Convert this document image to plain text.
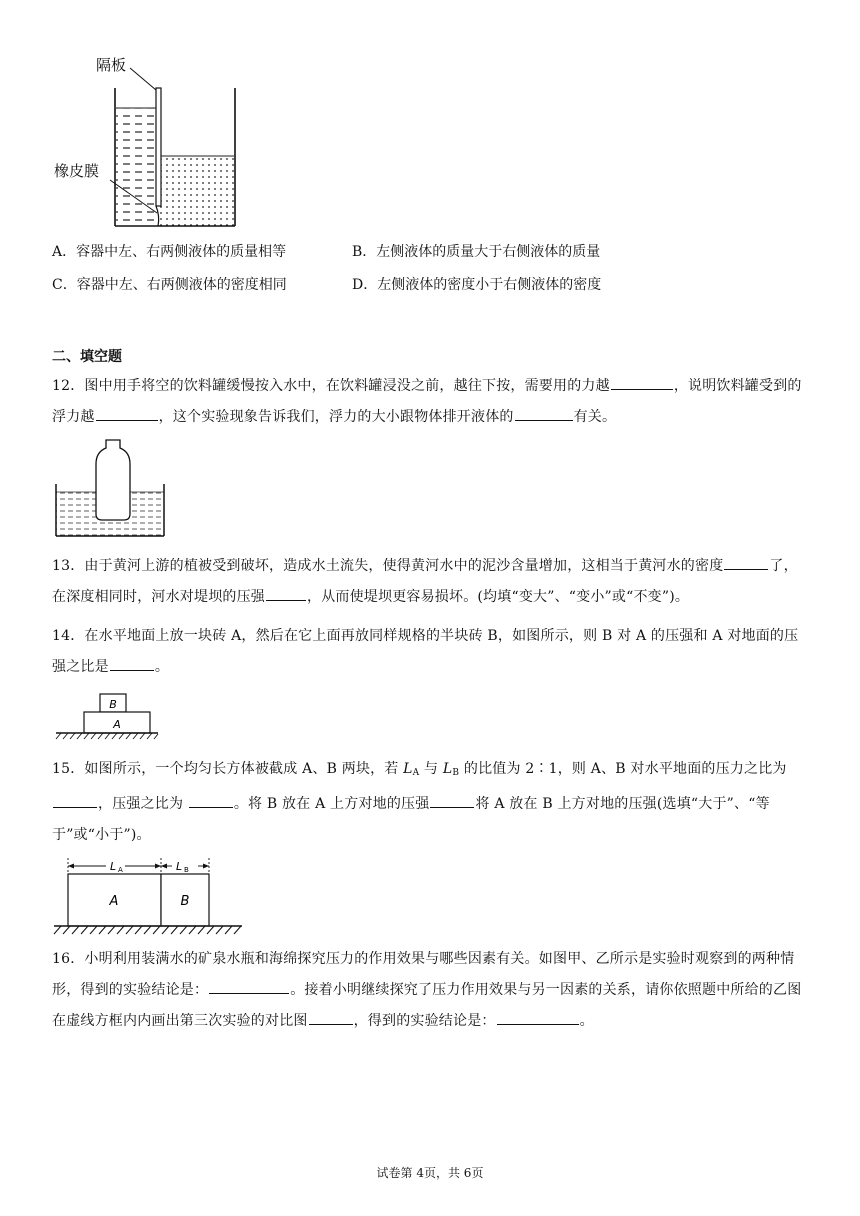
隔板
橡皮膜
A．容器中左、右两侧液体的质量相等	B．左侧液体的质量大于右侧液体的质量
C．容器中左、右两侧液体的密度相同	D．左侧液体的密度小于右侧液体的密度
二、填空题
12．图中用手将空的饮料罐缓慢按入水中，在饮料罐浸没之前，越往下按，需要用的力越	，说明饮料罐受到的浮力越	，这个实验现象告诉我们，浮力的大小跟物体排开液体的	有关。
13．由于黄河上游的植被受到破坏，造成水土流失，使得黄河水中的泥沙含量增加，这相当于黄河水的密度	了，在深度相同时，河水对堤坝的压强	，从而使堤坝更容易损坏。(均填“变大”、“变小”或“不变”)。
14．在水平地面上放一块砖 A，然后在它上面再放同样规格的半块砖 B，如图所示，则 B 对 A 的压强和 A 对地面的压强之比是	。
B
A
15．如图所示，一个均匀长方体被截成 A、B 两块，若 $L_A$ 与 $L_B$ 的比值为 2∶1，则 A、B 对水平地面的压力之比为，压强之比为	。将 B 放在 A 上方对地的压强	将 A 放在 B 上方对地的压强(选填“大于”、“等于”或“小于”)。
L A	L B
A	B
16．小明利用装满水的矿泉水瓶和海绵探究压力的作用效果与哪些因素有关。如图甲、乙所示是实验时观察到的两种情形，得到的实验结论是：	。接着小明继续探究了压力作用效果与另一因素的关系，请你依照题中所给的乙图在虚线方框内内画出第三次实验的对比图	，得到的实验结论是：	。
试卷第 4页，共 6页
